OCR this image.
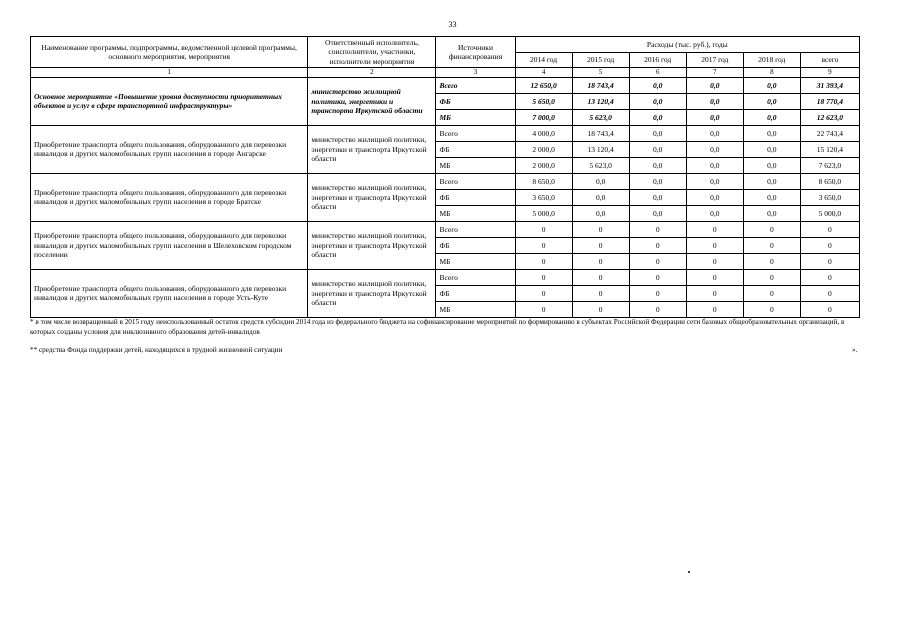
33
Наименование программы, подпрограммы, ведомственной целевой программы, основного мероприятия, мероприятия	Ответственный исполнитель, соисполнители, участники, исполнители мероприятия	Источники финансирования	Расходы (тыс. руб.), годы					
			2014 год	2015 год	2016 год	2017 год	2018 год	всего
1	2	3	4	5	6	7	8	9
Основное мероприятие «Повышение уровня доступности приоритетных объектов и услуг в сфере транспортной инфраструктуры»	министерство жилищной политики, энергетики и транспорта Иркутской области	Всего	12 650,0	18 743,4	0,0	0,0	0,0	31 393,4
		ФБ	5 650,0	13 120,4	0,0	0,0	0,0	18 770,4
		МБ	7 000,0	5 623,0	0,0	0,0	0,0	12 623,0
Приобретение транспорта общего пользования, оборудованного для перевозки инвалидов и других маломобильных групп населения в городе Ангарске	министерство жилищной политики, энергетики и транспорта Иркутской области	Всего	4 000,0	18 743,4	0,0	0,0	0,0	22 743,4
		ФБ	2 000,0	13 120,4	0,0	0,0	0,0	15 120,4
		МБ	2 000,0	5 623,0	0,0	0,0	0,0	7 623,0
Приобретение транспорта общего пользования, оборудованного для перевозки инвалидов и других маломобильных групп населения в городе Братске	министерство жилищной политики, энергетики и транспорта Иркутской области	Всего	8 650,0	0,0	0,0	0,0	0,0	8 650,0
		ФБ	3 650,0	0,0	0,0	0,0	0,0	3 650,0
		МБ	5 000,0	0,0	0,0	0,0	0,0	5 000,0
Приобретение транспорта общего пользования, оборудованного для перевозки инвалидов и других маломобильных групп населения в Шелеховском городском поселении	министерство жилищной политики, энергетики и транспорта Иркутской области	Всего	0	0	0	0	0	0
		ФБ	0	0	0	0	0	0
		МБ	0	0	0	0	0	0
Приобретение транспорта общего пользования, оборудованного для перевозки инвалидов и других маломобильных групп населения в городе Усть-Куте	министерство жилищной политики, энергетики и транспорта Иркутской области	Всего	0	0	0	0	0	0
		ФБ	0	0	0	0	0	0
		МБ	0	0	0	0	0	0
* в том числе возвращенный в 2015 году неиспользованный остаток средств субсидии 2014 года из федерального бюджета на софинансирование мероприятий по формированию в субъектах Российской Федерации сети базовых общеобразовательных организаций, в которых созданы условия для инклюзивного образования детей-инвалидов
** средства Фонда поддержки детей, находящихся в трудной жизненной ситуации	».
